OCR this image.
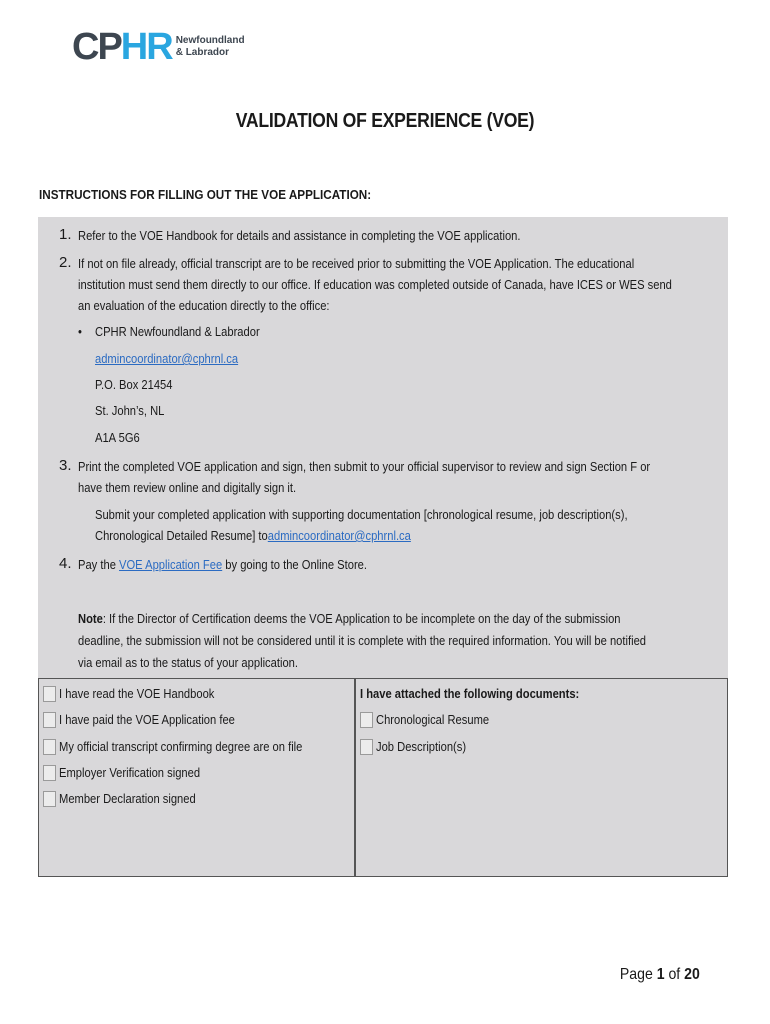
CPHR Newfoundland
& Labrador
VALIDATION OF EXPERIENCE (VOE)
INSTRUCTIONS FOR FILLING OUT THE VOE APPLICATION:
1. Refer to the VOE Handbook for details and assistance in completing the VOE application.
2. If not on file already, official transcript are to be received prior to submitting the VOE Application. The educational
institution must send them directly to our office. If education was completed outside of Canada, have ICES or WES send
an evaluation of the education directly to the office:
• CPHR Newfoundland & Labrador
admincoordinator@cphrnl.ca
P.O. Box 21454
St. John’s, NL
A1A 5G6
3. Print the completed VOE application and sign, then submit to your official supervisor to review and sign Section F or
have them review online and digitally sign it.
Submit your completed application with supporting documentation [chronological resume, job description(s),
Chronological Detailed Resume] toadmincoordinator@cphrnl.ca
4. Pay the VOE Application Fee by going to the Online Store.
Note: If the Director of Certification deems the VOE Application to be incomplete on the day of the submission
deadline, the submission will not be considered until it is complete with the required information. You will be notified
via email as to the status of your application.
I have read the VOE Handbook
I have paid the VOE Application fee
My official transcript confirming degree are on file
Employer Verification signed
Member Declaration signed
I have attached the following documents:
Chronological Resume
Job Description(s)
Page 1 of 20
